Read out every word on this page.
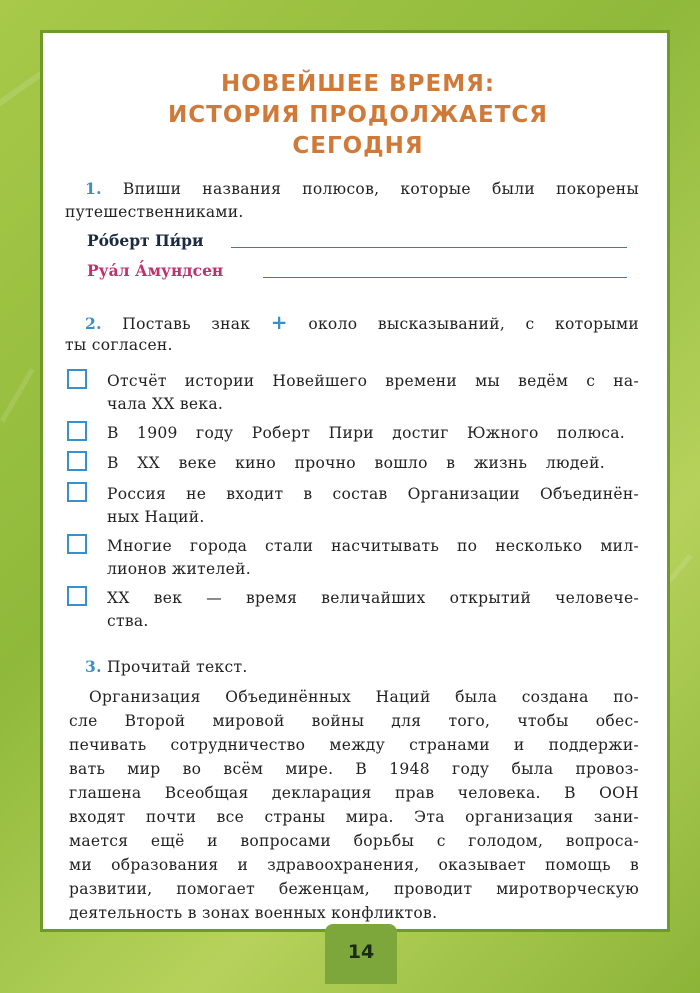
НОВЕЙШЕЕ ВРЕМЯ:
ИСТОРИЯ ПРОДОЛЖАЕТСЯ
СЕГОДНЯ
1. Впиши названия полюсов, которые были покорены
путешественниками.
Ро́берт Пи́ри
Руа́л А́мундсен
2. Поставь знак + около высказываний, с которыми
ты согласен.
Отсчёт истории Новейшего времени мы ведём с на-
чала XX века.
В 1909 году Роберт Пири достиг Южного полюса.
В XX веке кино прочно вошло в жизнь людей.
Россия не входит в состав Организации Объединён-
ных Наций.
Многие города стали насчитывать по несколько мил-
лионов жителей.
XX век — время величайших открытий человече-
ства.
3. Прочитай текст.
Организация Объединённых Наций была создана по-
сле Второй мировой войны для того, чтобы обес-
печивать сотрудничество между странами и поддержи-
вать мир во всём мире. В 1948 году была провоз-
глашена Всеобщая декларация прав человека. В ООН
входят почти все страны мира. Эта организация зани-
мается ещё и вопросами борьбы с голодом, вопроса-
ми образования и здравоохранения, оказывает помощь в
развитии, помогает беженцам, проводит миротворческую
деятельность в зонах военных конфликтов.
14
